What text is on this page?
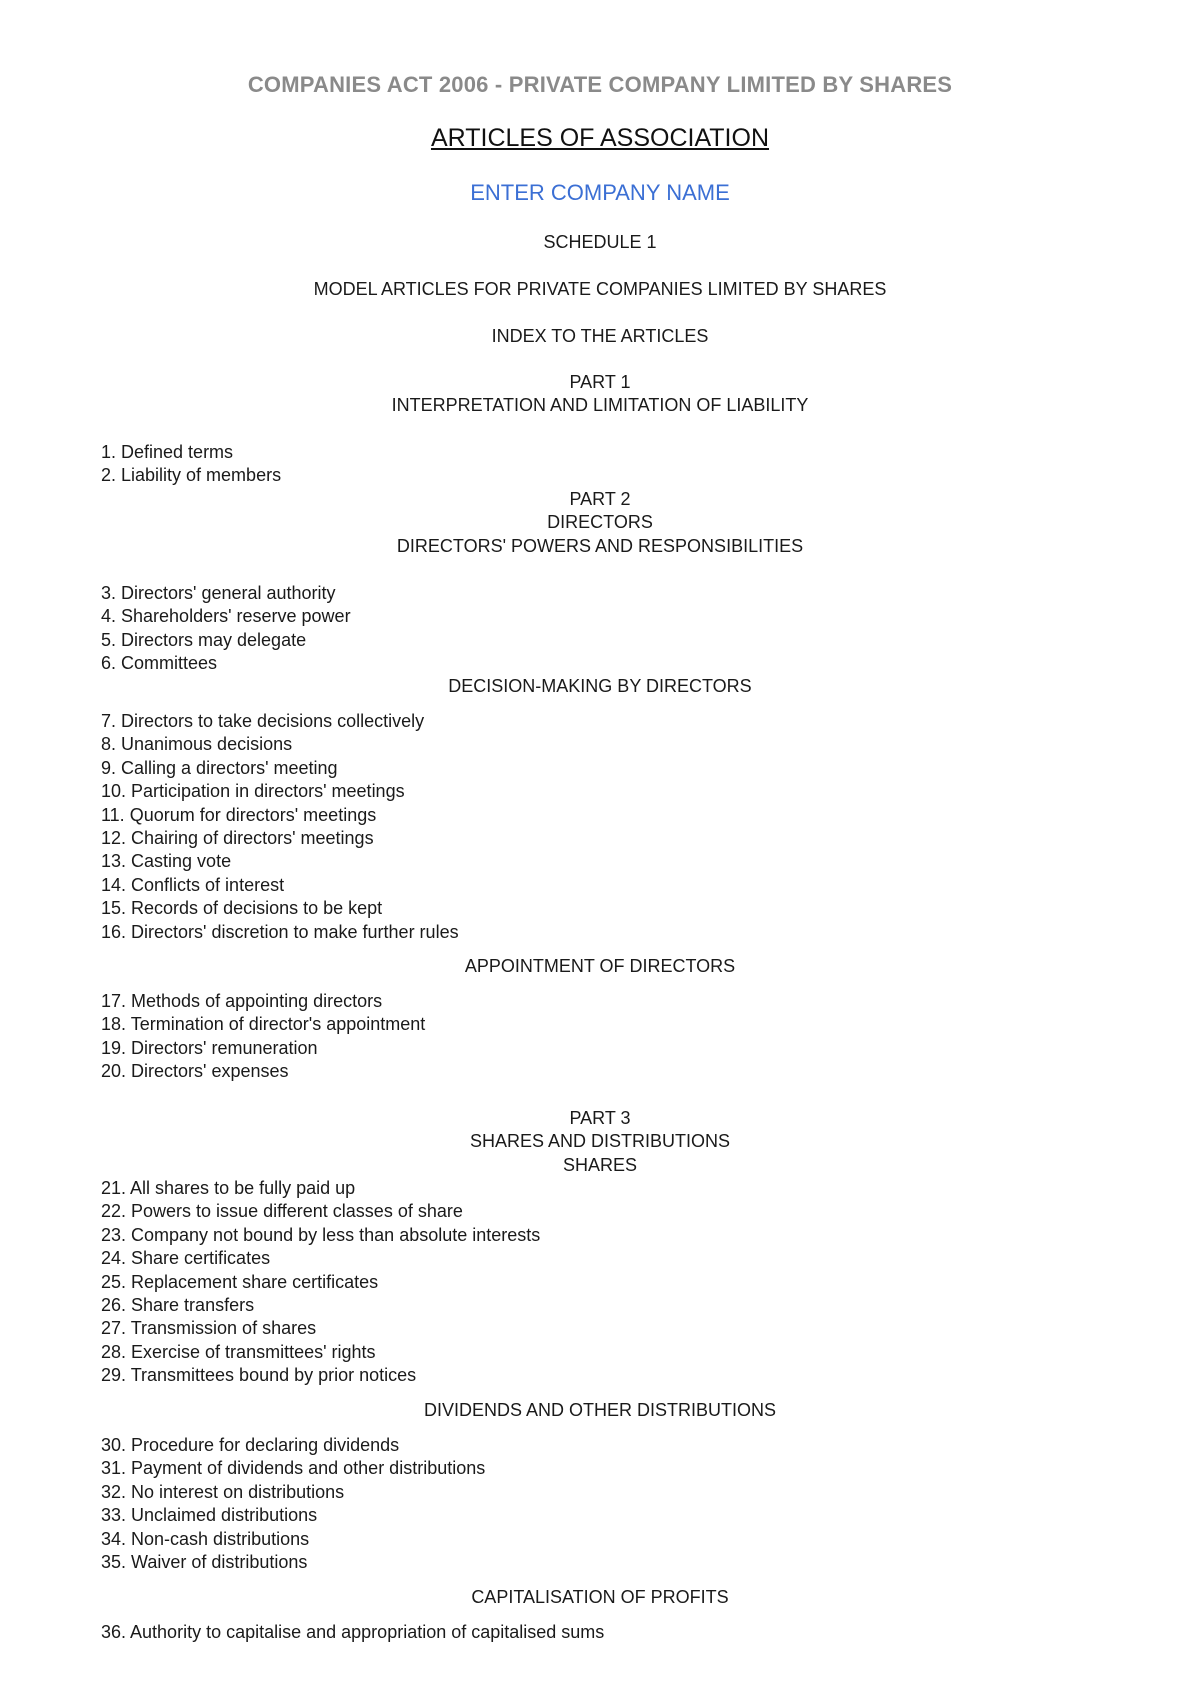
COMPANIES ACT 2006 - PRIVATE COMPANY LIMITED BY SHARES
ARTICLES OF ASSOCIATION
ENTER COMPANY NAME
SCHEDULE 1
MODEL ARTICLES FOR PRIVATE COMPANIES LIMITED BY SHARES
INDEX TO THE ARTICLES
PART 1
INTERPRETATION AND LIMITATION OF LIABILITY
1. Defined terms
2. Liability of members
PART 2
DIRECTORS
DIRECTORS' POWERS AND RESPONSIBILITIES
3. Directors' general authority
4. Shareholders' reserve power
5. Directors may delegate
6. Committees
DECISION-MAKING BY DIRECTORS
7. Directors to take decisions collectively
8. Unanimous decisions
9. Calling a directors' meeting
10. Participation in directors' meetings
11. Quorum for directors' meetings
12. Chairing of directors' meetings
13. Casting vote
14. Conflicts of interest
15. Records of decisions to be kept
16. Directors' discretion to make further rules
APPOINTMENT OF DIRECTORS
17. Methods of appointing directors
18. Termination of director's appointment
19. Directors' remuneration
20. Directors' expenses
PART 3
SHARES AND DISTRIBUTIONS
SHARES
21. All shares to be fully paid up
22. Powers to issue different classes of share
23. Company not bound by less than absolute interests
24. Share certificates
25. Replacement share certificates
26. Share transfers
27. Transmission of shares
28. Exercise of transmittees' rights
29. Transmittees bound by prior notices
DIVIDENDS AND OTHER DISTRIBUTIONS
30. Procedure for declaring dividends
31. Payment of dividends and other distributions
32. No interest on distributions
33. Unclaimed distributions
34. Non-cash distributions
35. Waiver of distributions
CAPITALISATION OF PROFITS
36. Authority to capitalise and appropriation of capitalised sums
